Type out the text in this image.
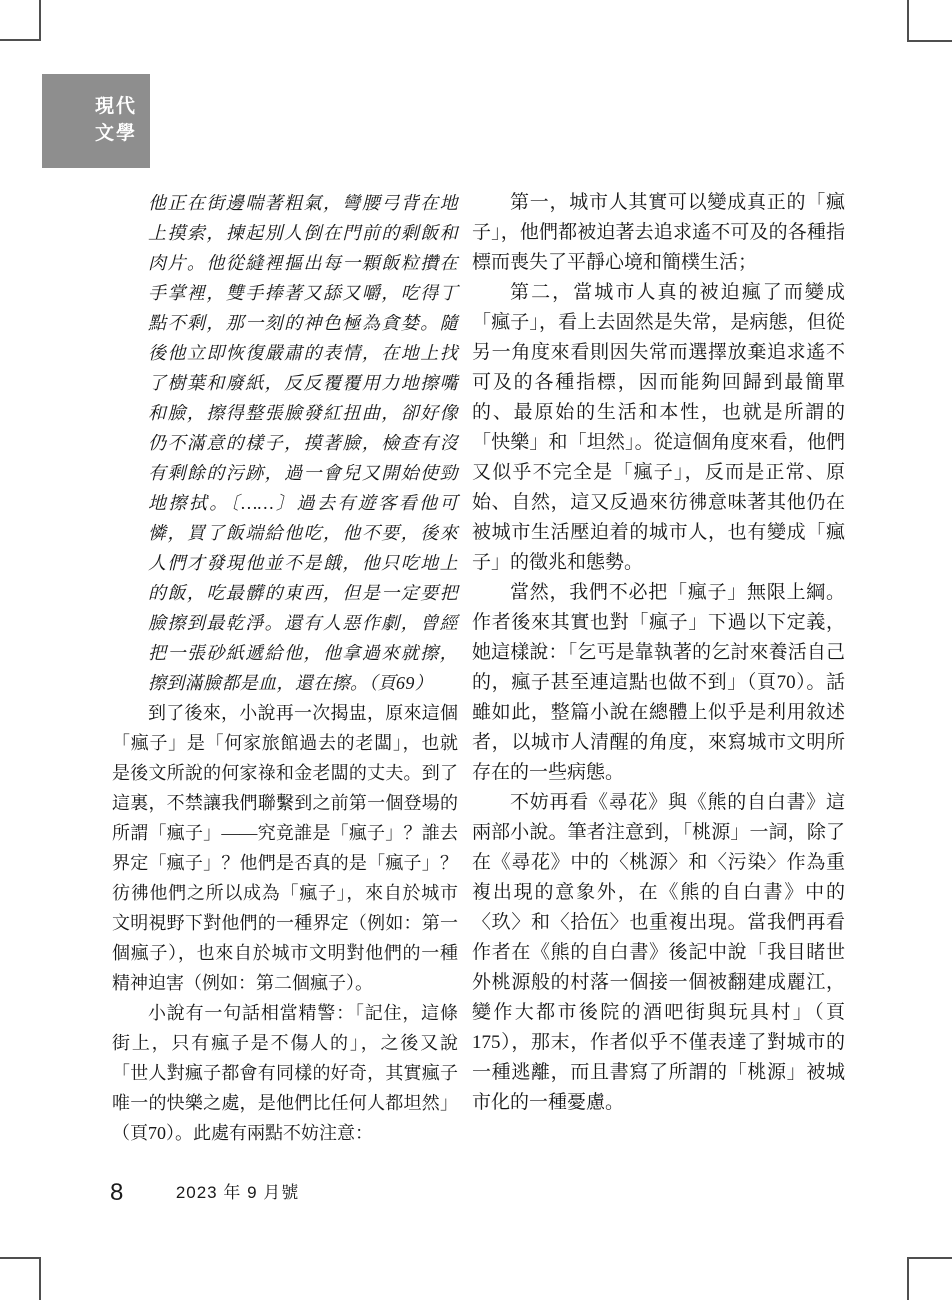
現代
文學

他正在街邊喘著粗氣，彎腰弓背在地上摸索，揀起別人倒在門前的剩飯和肉片。他從縫裡摳出每一顆飯粒攢在手掌裡，雙手捧著又舔又嚼，吃得丁點不剩，那一刻的神色極為貪婪。隨後他立即恢復嚴肅的表情，在地上找了樹葉和廢紙，反反覆覆用力地擦嘴和臉，擦得整張臉發紅扭曲，卻好像仍不滿意的樣子，摸著臉，檢查有沒有剩餘的污跡，過一會兒又開始使勁地擦拭。〔……〕過去有遊客看他可憐，買了飯端給他吃，他不要，後來人們才發現他並不是餓，他只吃地上的飯，吃最髒的東西，但是一定要把臉擦到最乾淨。還有人惡作劇，曾經把一張砂紙遞給他，他拿過來就擦，擦到滿臉都是血，還在擦。（頁69）

到了後來，小說再一次揭盅，原來這個「瘋子」是「何家旅館過去的老闆」，也就是後文所說的何家祿和金老闆的丈夫。到了這裏，不禁讓我們聯繫到之前第一個登場的所謂「瘋子」——究竟誰是「瘋子」？誰去界定「瘋子」？他們是否真的是「瘋子」？彷彿他們之所以成為「瘋子」，來自於城市文明視野下對他們的一種界定（例如：第一個瘋子），也來自於城市文明對他們的一種精神迫害（例如：第二個瘋子）。

小說有一句話相當精警：「記住，這條街上，只有瘋子是不傷人的」，之後又說「世人對瘋子都會有同樣的好奇，其實瘋子唯一的快樂之處，是他們比任何人都坦然」（頁70）。此處有兩點不妨注意：

第一，城市人其實可以變成真正的「瘋子」，他們都被迫著去追求遙不可及的各種指標而喪失了平靜心境和簡樸生活；

第二，當城市人真的被迫瘋了而變成「瘋子」，看上去固然是失常，是病態，但從另一角度來看則因失常而選擇放棄追求遙不可及的各種指標，因而能夠回歸到最簡單的、最原始的生活和本性，也就是所謂的「快樂」和「坦然」。從這個角度來看，他們又似乎不完全是「瘋子」，反而是正常、原始、自然，這又反過來彷彿意味著其他仍在被城市生活壓迫着的城市人，也有變成「瘋子」的徵兆和態勢。

當然，我們不必把「瘋子」無限上綱。作者後來其實也對「瘋子」下過以下定義，她這樣說：「乞丐是靠執著的乞討來養活自己的，瘋子甚至連這點也做不到」（頁70）。話雖如此，整篇小說在總體上似乎是利用敘述者，以城市人清醒的角度，來寫城市文明所存在的一些病態。

不妨再看《尋花》與《熊的自白書》這兩部小說。筆者注意到，「桃源」一詞，除了在《尋花》中的〈桃源〉和〈污染〉作為重複出現的意象外，在《熊的自白書》中的〈玖〉和〈拾伍〉也重複出現。當我們再看作者在《熊的自白書》後記中說「我目睹世外桃源般的村落一個接一個被翻建成麗江，變作大都市後院的酒吧街與玩具村」（頁175），那末，作者似乎不僅表達了對城市的一種逃離，而且書寫了所謂的「桃源」被城市化的一種憂慮。

8	2023 年 9 月號
